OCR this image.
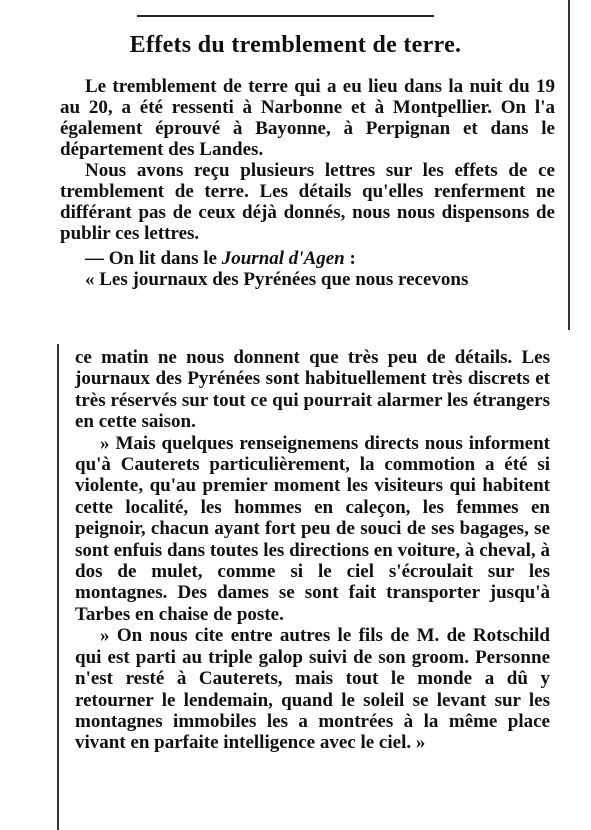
Effets du tremblement de terre.

Le tremblement de terre qui a eu lieu dans la nuit du 19 au 20, a été ressenti à Narbonne et à Montpellier. On l'a également éprouvé à Bayonne, à Perpignan et dans le département des Landes.

Nous avons reçu plusieurs lettres sur les effets de ce tremblement de terre. Les détails qu'elles renferment ne différant pas de ceux déjà donnés, nous nous dispensons de publir ces lettres.

— On lit dans le Journal d'Agen :

« Les journaux des Pyrénées que nous recevons

ce matin ne nous donnent que très peu de détails. Les journaux des Pyrénées sont habituellement très discrets et très réservés sur tout ce qui pourrait alarmer les étrangers en cette saison.

» Mais quelques renseignemens directs nous informent qu'à Cauterets particulièrement, la commotion a été si violente, qu'au premier moment les visiteurs qui habitent cette localité, les hommes en caleçon, les femmes en peignoir, chacun ayant fort peu de souci de ses bagages, se sont enfuis dans toutes les directions en voiture, à cheval, à dos de mulet, comme si le ciel s'écroulait sur les montagnes. Des dames se sont fait transporter jusqu'à Tarbes en chaise de poste.

» On nous cite entre autres le fils de M. de Rotschild qui est parti au triple galop suivi de son groom. Personne n'est resté à Cauterets, mais tout le monde a dû y retourner le lendemain, quand le soleil se levant sur les montagnes immobiles les a montrées à la même place vivant en parfaite intelligence avec le ciel. »
